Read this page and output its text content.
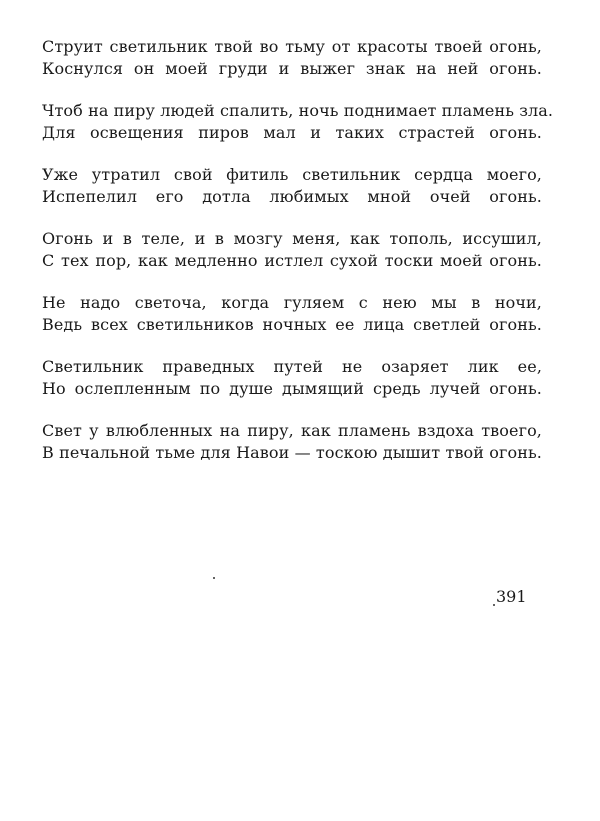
Струит светильник твой во тьму от красоты твоей огонь,
Коснулся он моей груди и выжег знак на ней огонь.
Чтоб на пиру людей спалить, ночь поднимает пламень зла.
Для освещения пиров мал и таких страстей огонь.
Уже утратил свой фитиль светильник сердца моего,
Испепелил его дотла любимых мной очей огонь.
Огонь и в теле, и в мозгу меня, как тополь, иссушил,
С тех пор, как медленно истлел сухой тоски моей огонь.
Не надо светоча, когда гуляем с нею мы в ночи,
Ведь всех светильников ночных ее лица светлей огонь.
Светильник праведных путей не озаряет лик ее,
Но ослепленным по душе дымящий средь лучей огонь.
Свет у влюбленных на пиру, как пламень вздоха твоего,
В печальной тьме для Навои — тоскою дышит твой огонь.
391
